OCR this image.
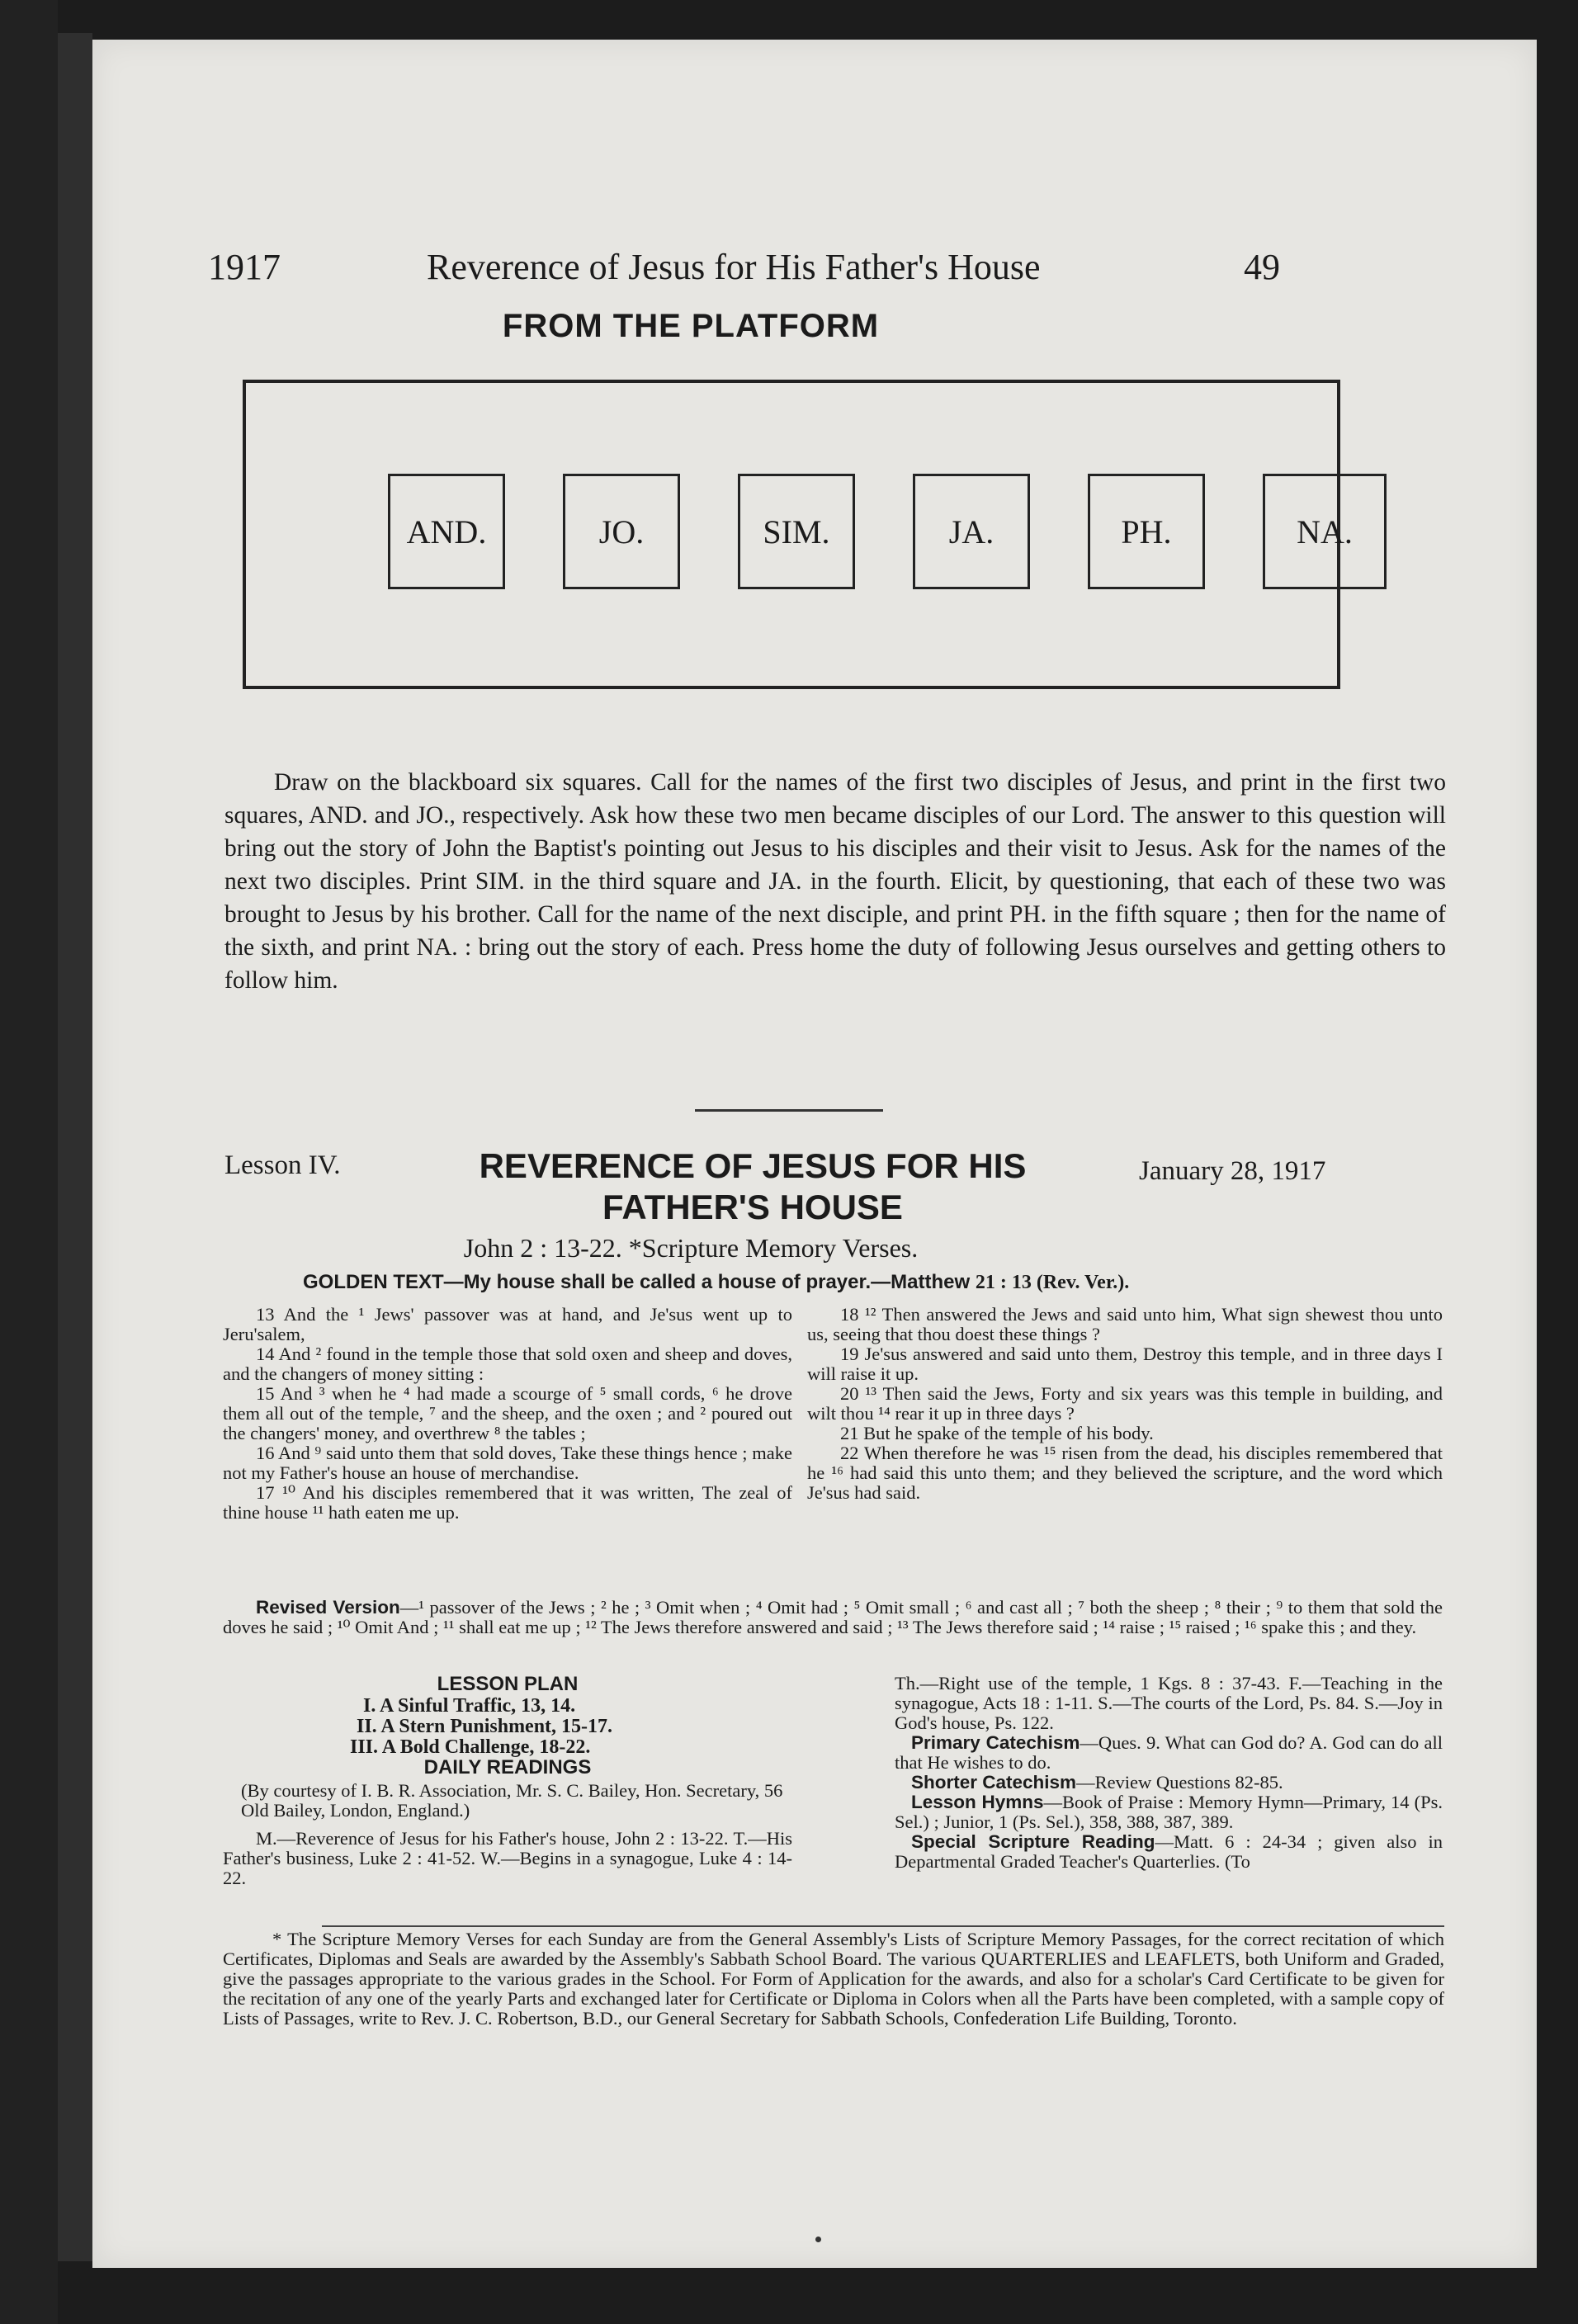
1917	Reverence of Jesus for His Father's House	49
FROM THE PLATFORM
AND.	JO.	SIM.	JA.	PH.	NA.

Draw on the blackboard six squares. Call for the names of the first two disciples of Jesus, and print in the first two squares, AND. and JO., respectively. Ask how these two men became disciples of our Lord. The answer to this question will bring out the story of John the Baptist's pointing out Jesus to his disciples and their visit to Jesus. Ask for the names of the next two disciples. Print SIM. in the third square and JA. in the fourth. Elicit, by questioning, that each of these two was brought to Jesus by his brother. Call for the name of the next disciple, and print PH. in the fifth square ; then for the name of the sixth, and print NA. : bring out the story of each. Press home the duty of following Jesus ourselves and getting others to follow him.

Lesson IV.	REVERENCE OF JESUS FOR HIS
FATHER'S HOUSE
January 28, 1917
John 2 : 13-22. *Scripture Memory Verses.
GOLDEN TEXT—My house shall be called a house of prayer.—Matthew 21 : 13 (Rev. Ver.).

13 And the ¹ Jews' passover was at hand, and Je'sus went up to Jeru'salem,

14 And ² found in the temple those that sold oxen and sheep and doves, and the changers of money sitting :

15 And ³ when he ⁴ had made a scourge of ⁵ small cords, ⁶ he drove them all out of the temple, ⁷ and the sheep, and the oxen ; and ² poured out the changers' money, and overthrew ⁸ the tables ;

16 And ⁹ said unto them that sold doves, Take these things hence ; make not my Father's house an house of merchandise.

17 ¹⁰ And his disciples remembered that it was written, The zeal of thine house ¹¹ hath eaten me up.

18 ¹² Then answered the Jews and said unto him, What sign shewest thou unto us, seeing that thou doest these things ?

19 Je'sus answered and said unto them, Destroy this temple, and in three days I will raise it up.

20 ¹³ Then said the Jews, Forty and six years was this temple in building, and wilt thou ¹⁴ rear it up in three days ?

21 But he spake of the temple of his body.

22 When therefore he was ¹⁵ risen from the dead, his disciples remembered that he ¹⁶ had said this unto them; and they believed the scripture, and the word which Je'sus had said.

Revised Version—¹ passover of the Jews ; ² he ; ³ Omit when ; ⁴ Omit had ; ⁵ Omit small ; ⁶ and cast all ; ⁷ both the sheep ; ⁸ their ; ⁹ to them that sold the doves he said ; ¹⁰ Omit And ; ¹¹ shall eat me up ; ¹² The Jews therefore answered and said ; ¹³ The Jews therefore said ; ¹⁴ raise ; ¹⁵ raised ; ¹⁶ spake this ; and they.
LESSON PLAN
I. A Sinful Traffic, 13, 14.
II. A Stern Punishment, 15-17.
III. A Bold Challenge, 18-22.
DAILY READINGS
(By courtesy of I. B. R. Association, Mr. S. C. Bailey, Hon. Secretary, 56 Old Bailey, London, England.)
M.—Reverence of Jesus for his Father's house, John 2 : 13-22. T.—His Father's business, Luke 2 : 41-52. W.—Begins in a synagogue, Luke 4 : 14-22.

Th.—Right use of the temple, 1 Kgs. 8 : 37-43. F.—Teaching in the synagogue, Acts 18 : 1-11. S.—The courts of the Lord, Ps. 84. S.—Joy in God's house, Ps. 122.

Primary Catechism—Ques. 9. What can God do? A. God can do all that He wishes to do.

Shorter Catechism—Review Questions 82-85.

Lesson Hymns—Book of Praise : Memory Hymn—Primary, 14 (Ps. Sel.) ; Junior, 1 (Ps. Sel.), 358, 388, 387, 389.

Special Scripture Reading—Matt. 6 : 24-34 ; given also in Departmental Graded Teacher's Quarterlies. (To

* The Scripture Memory Verses for each Sunday are from the General Assembly's Lists of Scripture Memory Passages, for the correct recitation of which Certificates, Diplomas and Seals are awarded by the Assembly's Sabbath School Board. The various QUARTERLIES and LEAFLETS, both Uniform and Graded, give the passages appropriate to the various grades in the School. For Form of Application for the awards, and also for a scholar's Card Certificate to be given for the recitation of any one of the yearly Parts and exchanged later for Certificate or Diploma in Colors when all the Parts have been completed, with a sample copy of Lists of Passages, write to Rev. J. C. Robertson, B.D., our General Secretary for Sabbath Schools, Confederation Life Building, Toronto.
